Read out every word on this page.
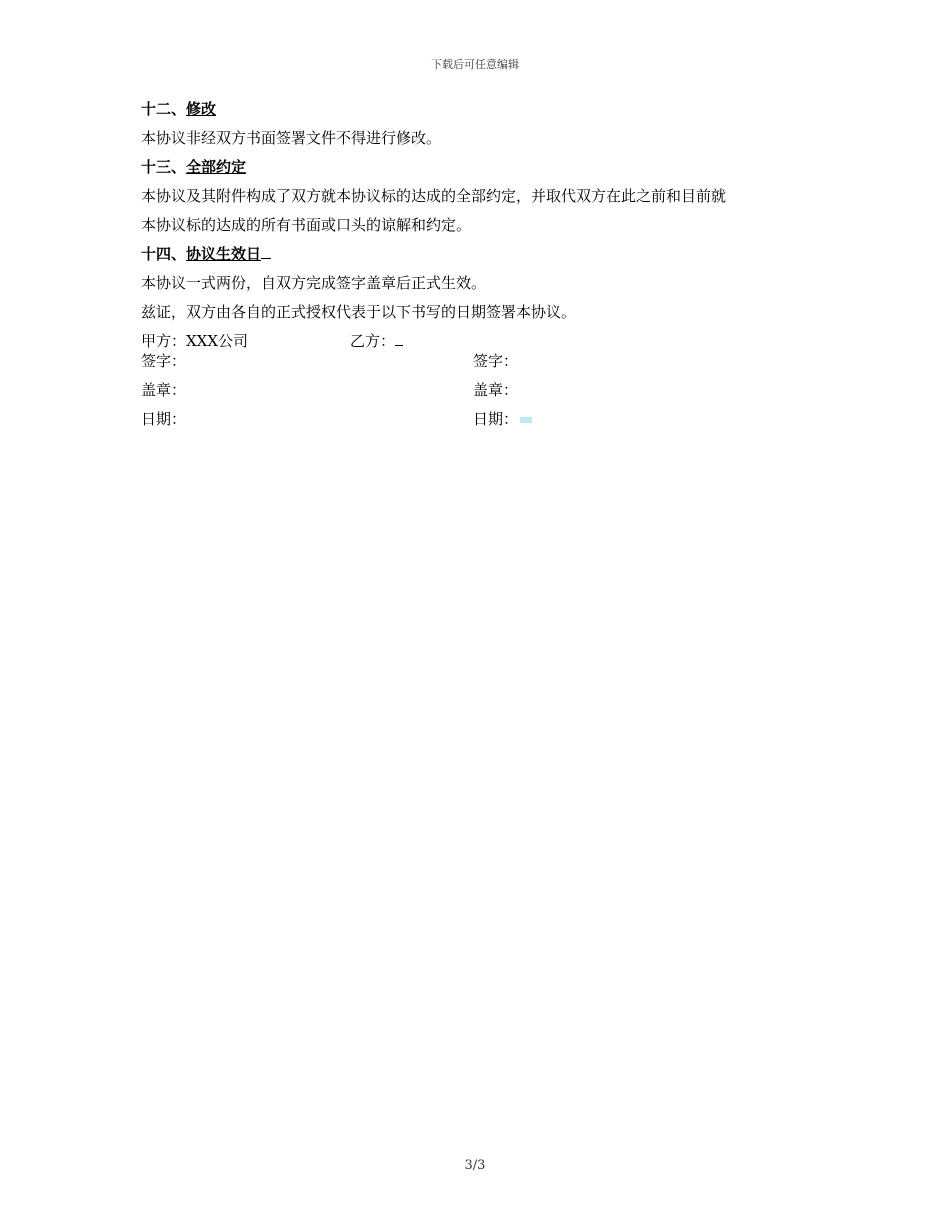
下载后可任意编辑
十二、修改
本协议非经双方书面签署文件不得进行修改。
十三、全部约定
本协议及其附件构成了双方就本协议标的达成的全部约定，并取代双方在此之前和目前就
本协议标的达成的所有书面或口头的谅解和约定。
十四、协议生效日
本协议一式两份，自双方完成签字盖章后正式生效。
兹证，双方由各自的正式授权代表于以下书写的日期签署本协议。
甲方：XXX公司	乙方：
签字：	签字：
盖章：	盖章：
日期：	日期：
3/3
